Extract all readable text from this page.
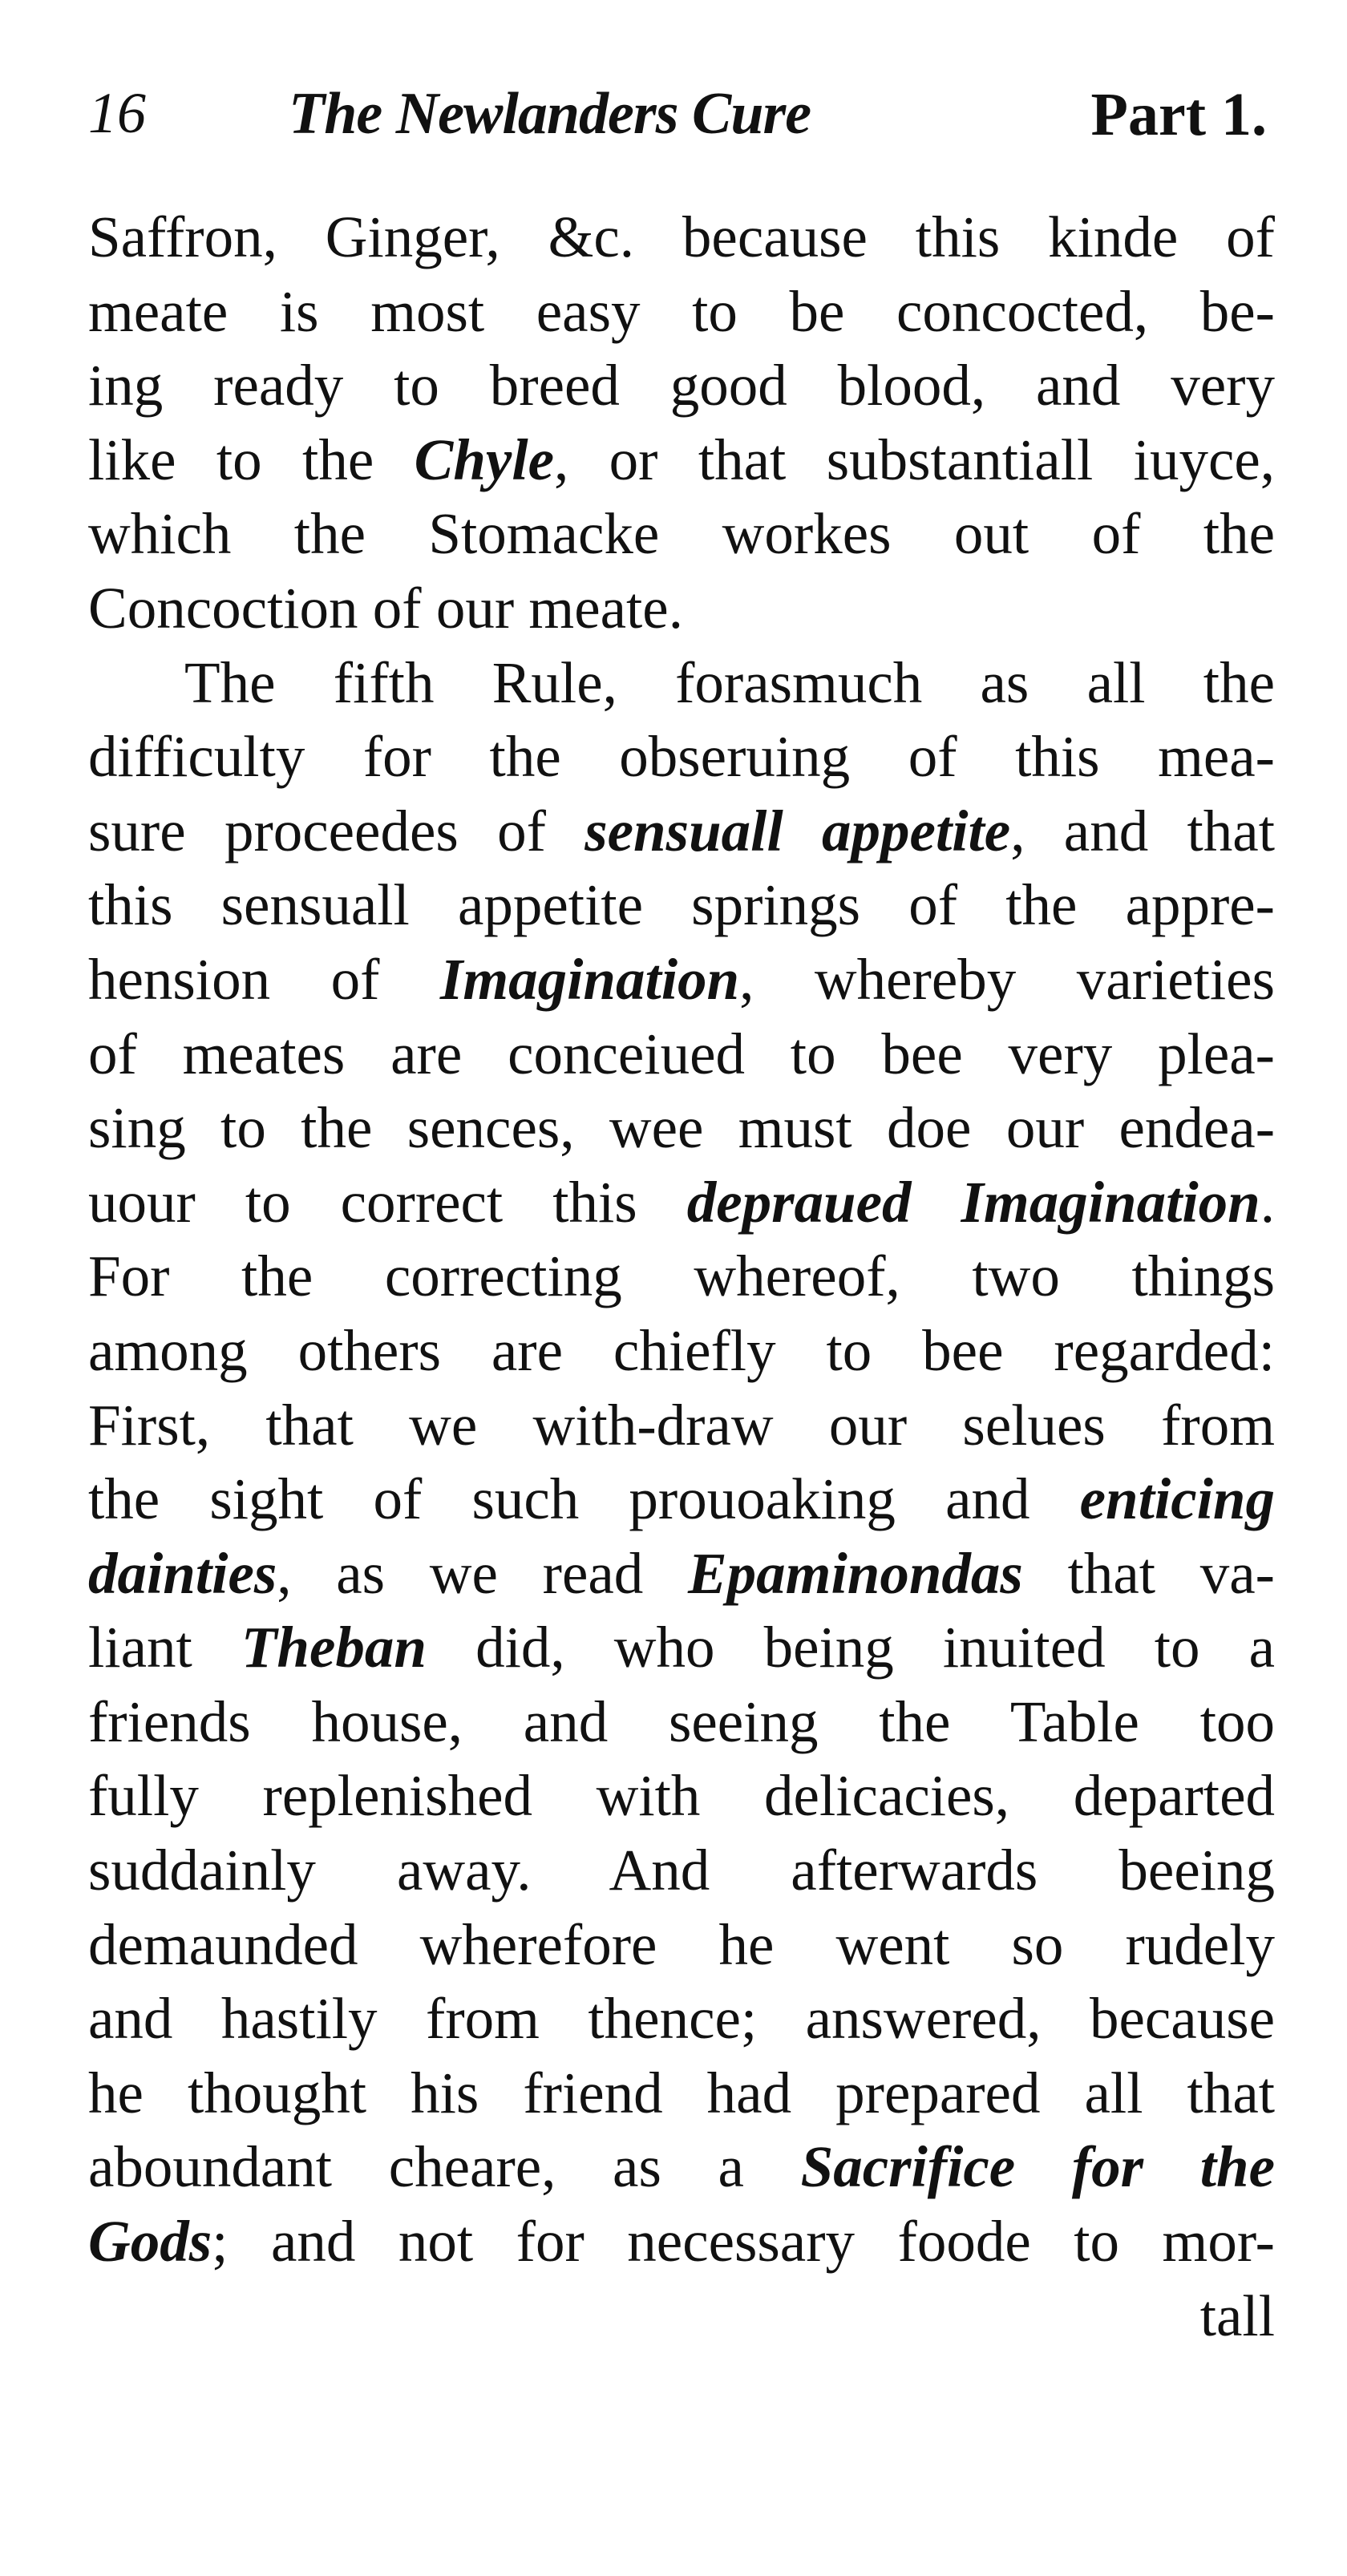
16 The Newlanders Cure	Part 1.
Saffron, Ginger, &c. because this kinde of
meate is most easy to be concocted, be-
ing ready to breed good blood, and very
like to the Chyle, or that substantiall iuyce,
which the Stomacke workes out of the
Concoction of our meate.
The fifth Rule, forasmuch as all the
difficulty for the obseruing of this mea-
sure proceedes of sensuall appetite, and that
this sensuall appetite springs of the appre-
hension of Imagination, whereby varieties
of meates are conceiued to bee very plea-
sing to the sences, wee must doe our endea-
uour to correct this depraued Imagination.
For the correcting whereof, two things
among others are chiefly to bee regarded:
First, that we with-draw our selues from
the sight of such prouoaking and enticing
dainties, as we read Epaminondas that va-
liant Theban did, who being inuited to a
friends house, and seeing the Table too
fully replenished with delicacies, departed
suddainly away. And afterwards beeing
demaunded wherefore he went so rudely
and hastily from thence; answered, because
he thought his friend had prepared all that
aboundant cheare, as a Sacrifice for the
Gods; and not for necessary foode to mor-
tall
